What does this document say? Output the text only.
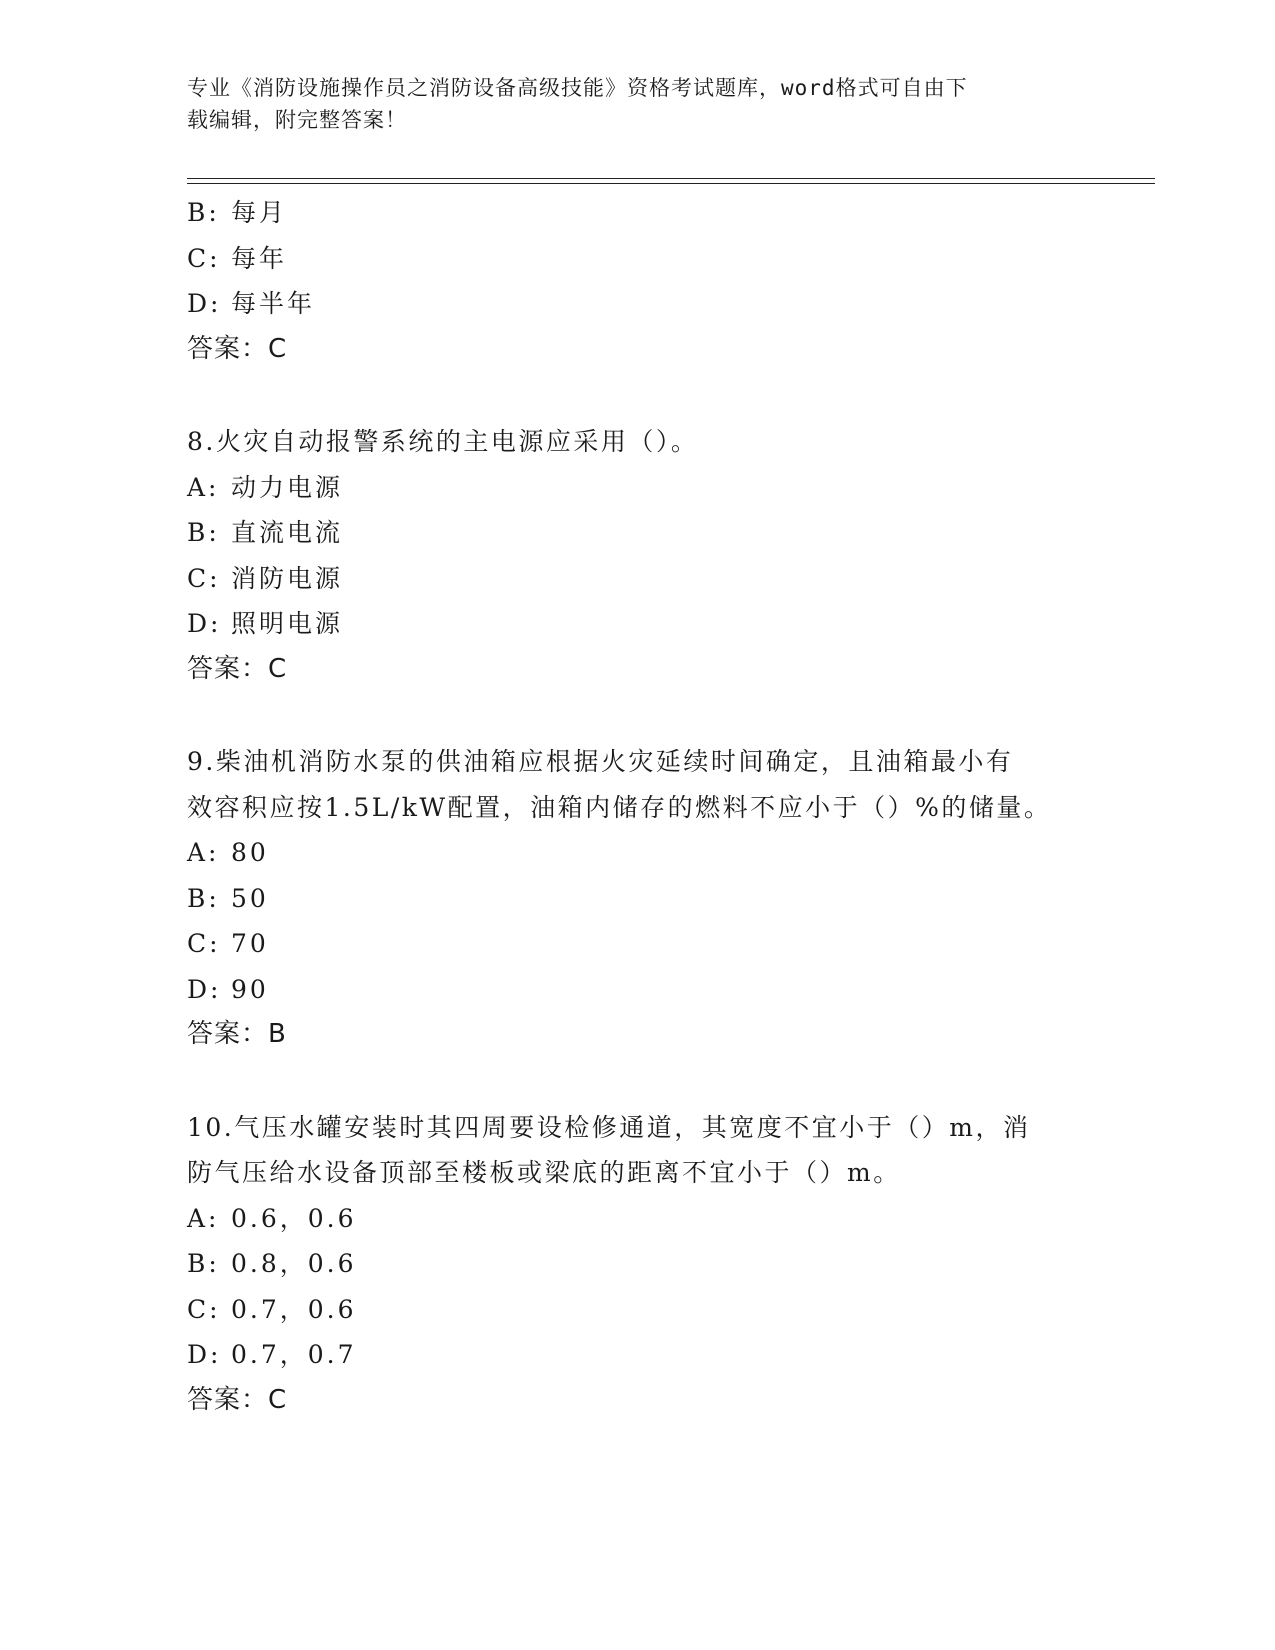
专业《消防设施操作员之消防设备高级技能》资格考试题库，word格式可自由下
载编辑，附完整答案！
B: 每月
C: 每年
D: 每半年
答案：C
8.火灾自动报警系统的主电源应采用（）。
A: 动力电源
B: 直流电流
C: 消防电源
D: 照明电源
答案：C
9.柴油机消防水泵的供油箱应根据火灾延续时间确定，且油箱最小有
效容积应按1.5L/kW配置，油箱内储存的燃料不应小于（）%的储量。
A: 80
B: 50
C: 70
D: 90
答案：B
10.气压水罐安装时其四周要设检修通道，其宽度不宜小于（）m，消
防气压给水设备顶部至楼板或梁底的距离不宜小于（）m。
A: 0.6，0.6
B: 0.8，0.6
C: 0.7，0.6
D: 0.7，0.7
答案：C
